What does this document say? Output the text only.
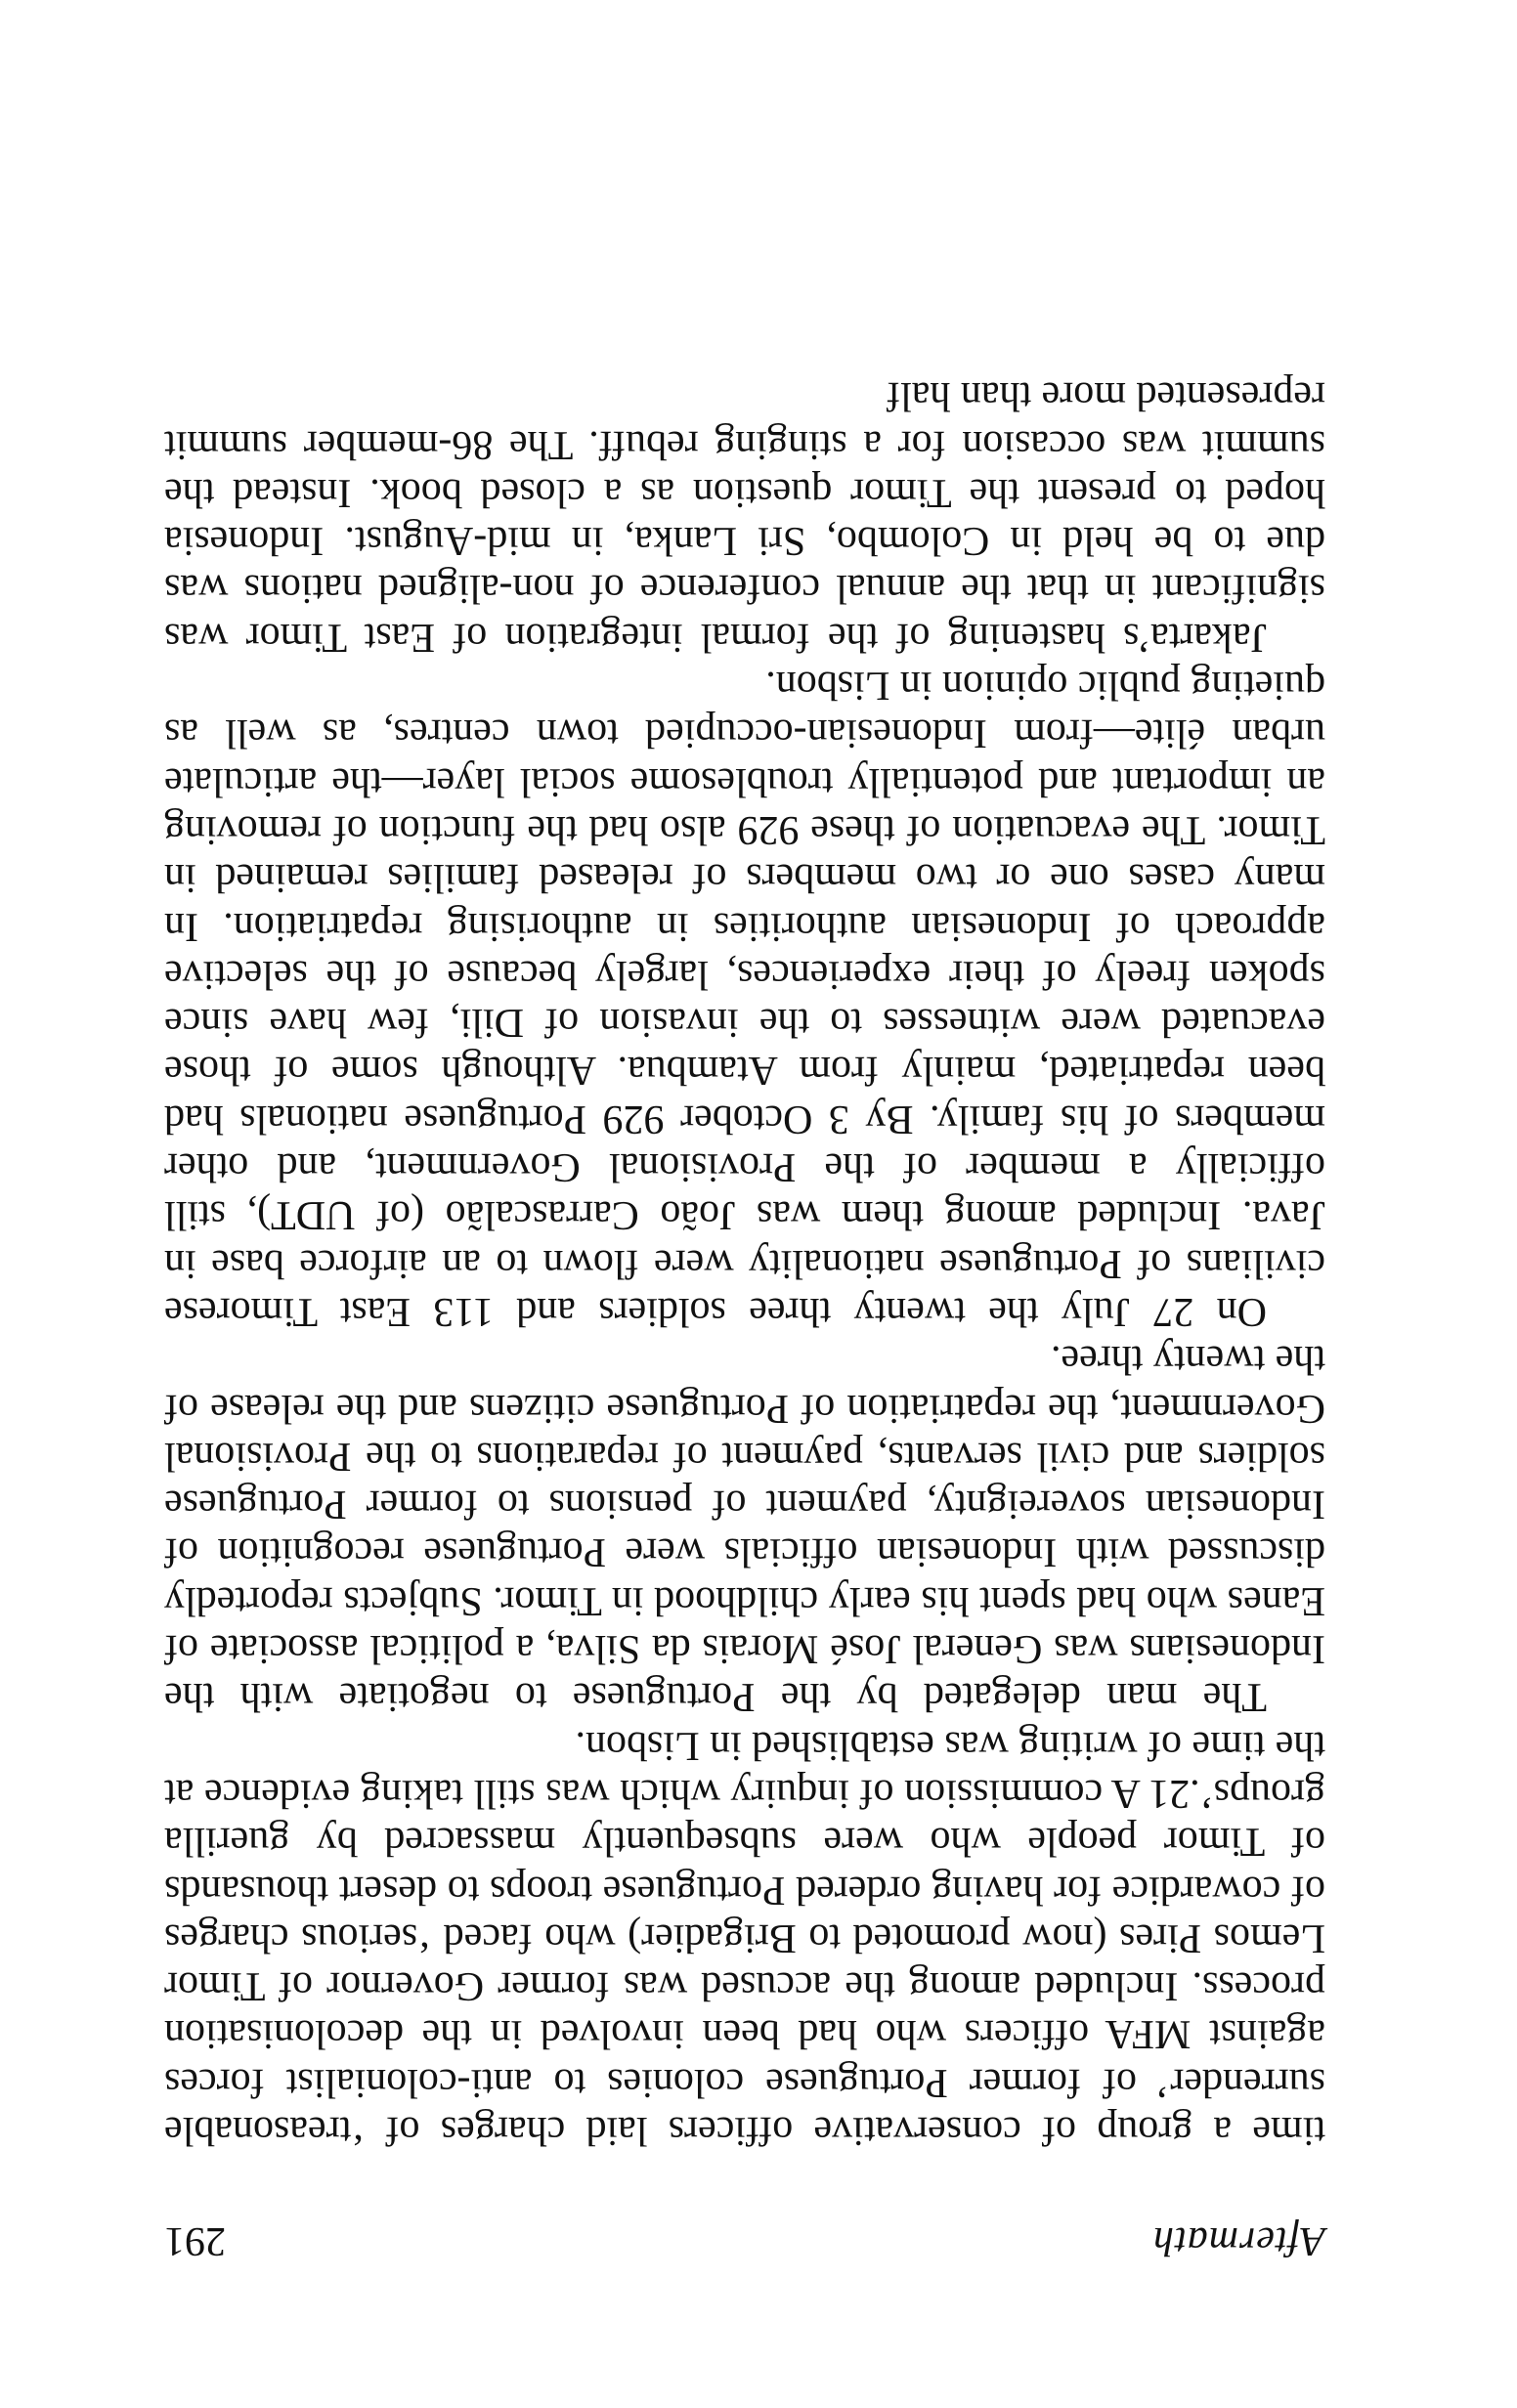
Aftermath
291

time a group of conservative officers laid charges of ‘treasonable surrender’ of former Portuguese colonies to anti-colonialist forces against MFA officers who had been involved in the decolonisation process. Included among the accused was former Governor of Timor Lemos Pires (now promoted to Brigadier) who faced ‘serious charges of cowardice for having ordered Portuguese troops to desert thousands of Timor people who were subsequently massacred by guerilla groups’.21 A commission of inquiry which was still taking evidence at the time of writing was established in Lisbon.

The man delegated by the Portuguese to negotiate with the Indonesians was General José Morais da Silva, a political associate of Eanes who had spent his early childhood in Timor. Subjects reportedly discussed with Indonesian officials were Portuguese recognition of Indonesian sovereignty, payment of pensions to former Portuguese soldiers and civil servants, payment of reparations to the Provisional Government, the repatriation of Portuguese citizens and the release of the twenty three.

On 27 July the twenty three soldiers and 113 East Timorese civilians of Portuguese nationality were flown to an airforce base in Java. Included among them was João Carrascalão (of UDT), still officially a member of the Provisional Government, and other members of his family. By 3 October 929 Portuguese nationals had been repatriated, mainly from Atambua. Although some of those evacuated were witnesses to the invasion of Dili, few have since spoken freely of their experiences, largely because of the selective approach of Indonesian authorities in authorising repatriation. In many cases one or two members of released families remained in Timor. The evacuation of these 929 also had the function of removing an important and potentially troublesome social layer—the articulate urban élite—from Indonesian-occupied town centres, as well as quieting public opinion in Lisbon.

Jakarta’s hastening of the formal integration of East Timor was significant in that the annual conference of non-aligned nations was due to be held in Colombo, Sri Lanka, in mid-August. Indonesia hoped to present the Timor question as a closed book. Instead the summit was occasion for a stinging rebuff. The 86-member summit represented more than half
